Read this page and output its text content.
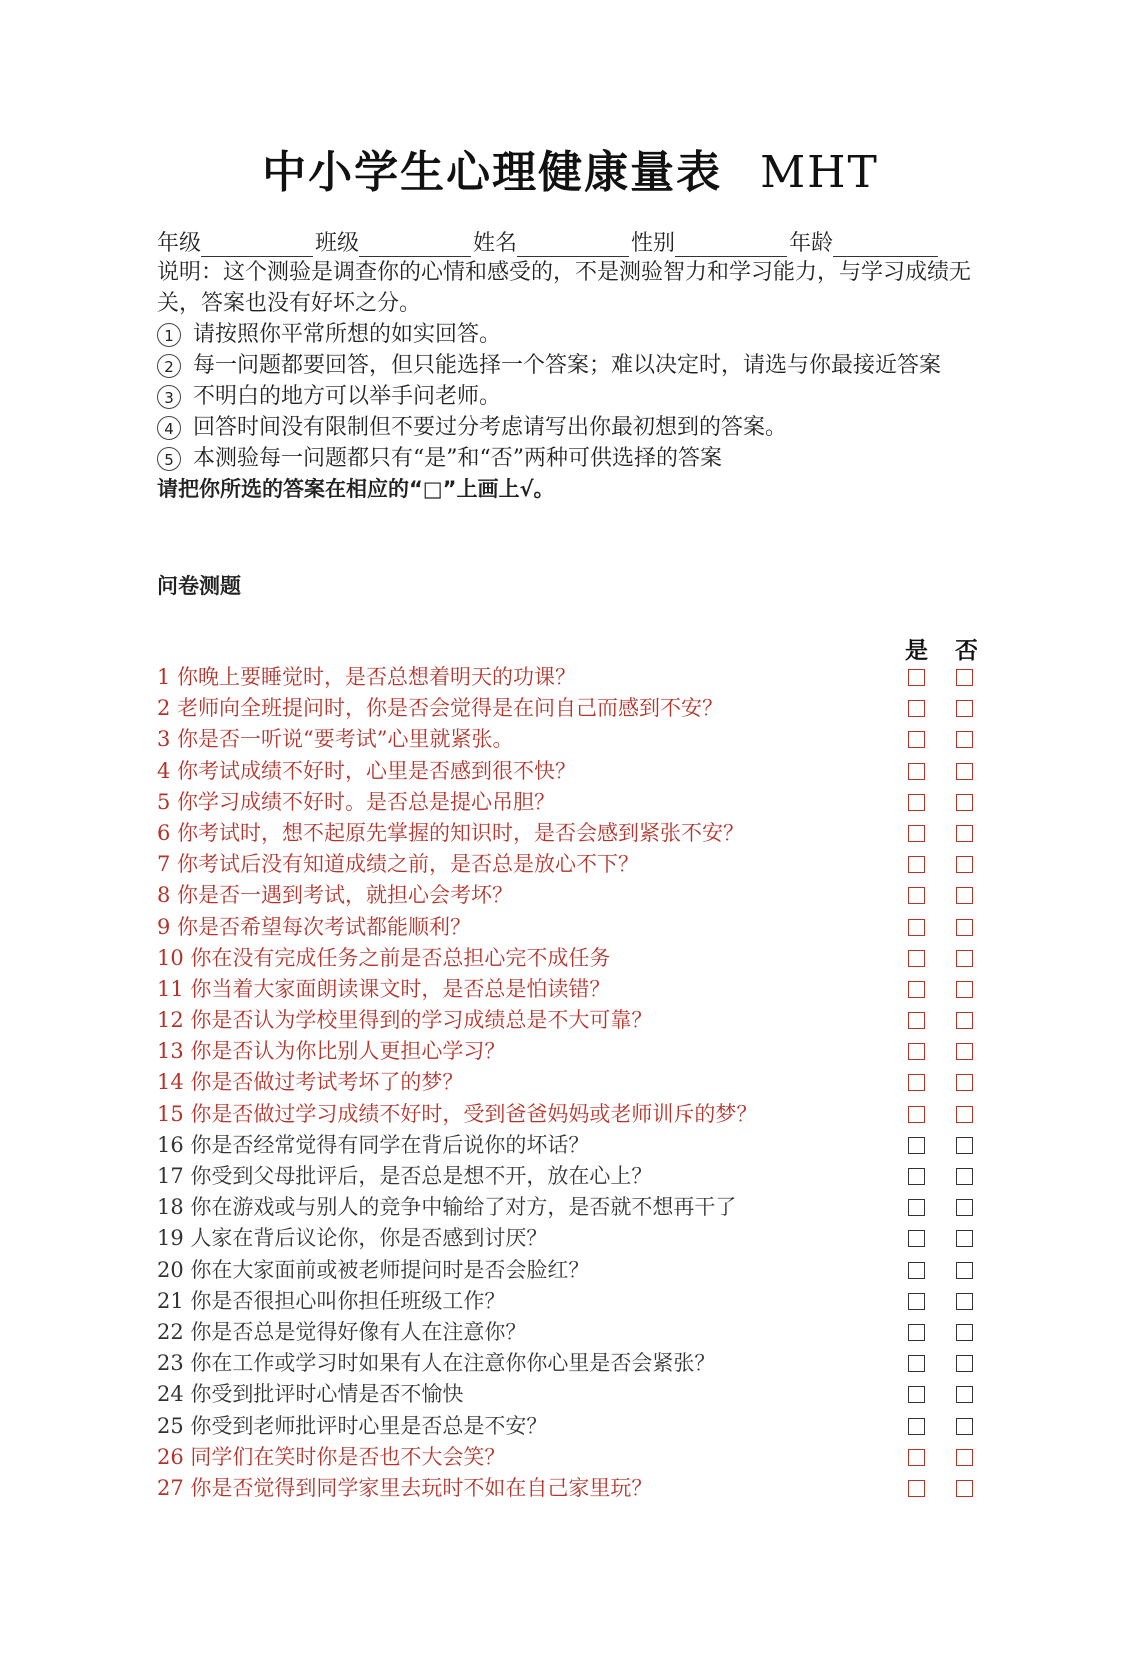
中小学生心理健康量表 MHT
年级	班级	姓名	性别	年龄
说明：这个测验是调查你的心情和感受的，不是测验智力和学习能力，与学习成绩无关，答案也没有好坏之分。
1 请按照你平常所想的如实回答。
2 每一问题都要回答，但只能选择一个答案；难以决定时，请选与你最接近答案
3 不明白的地方可以举手问老师。
4 回答时间没有限制但不要过分考虑请写出你最初想到的答案。
5 本测验每一问题都只有“是”和“否”两种可供选择的答案
请把你所选的答案在相应的“□”上画上√。
问卷测题
是 否
1 你晚上要睡觉时，是否总想着明天的功课？
2 老师向全班提问时，你是否会觉得是在问自己而感到不安？
3 你是否一听说“要考试”心里就紧张。
4 你考试成绩不好时，心里是否感到很不快？
5 你学习成绩不好时。是否总是提心吊胆？
6 你考试时，想不起原先掌握的知识时，是否会感到紧张不安？
7 你考试后没有知道成绩之前，是否总是放心不下？
8 你是否一遇到考试，就担心会考坏？
9 你是否希望每次考试都能顺利？
10 你在没有完成任务之前是否总担心完不成任务
11 你当着大家面朗读课文时，是否总是怕读错？
12 你是否认为学校里得到的学习成绩总是不大可靠？
13 你是否认为你比别人更担心学习？
14 你是否做过考试考坏了的梦？
15 你是否做过学习成绩不好时，受到爸爸妈妈或老师训斥的梦？
16 你是否经常觉得有同学在背后说你的坏话？
17 你受到父母批评后，是否总是想不开，放在心上？
18 你在游戏或与别人的竞争中输给了对方，是否就不想再干了
19 人家在背后议论你，你是否感到讨厌？
20 你在大家面前或被老师提问时是否会脸红？
21 你是否很担心叫你担任班级工作？
22 你是否总是觉得好像有人在注意你？
23 你在工作或学习时如果有人在注意你你心里是否会紧张？
24 你受到批评时心情是否不愉快
25 你受到老师批评时心里是否总是不安？
26 同学们在笑时你是否也不大会笑？
27 你是否觉得到同学家里去玩时不如在自己家里玩？
